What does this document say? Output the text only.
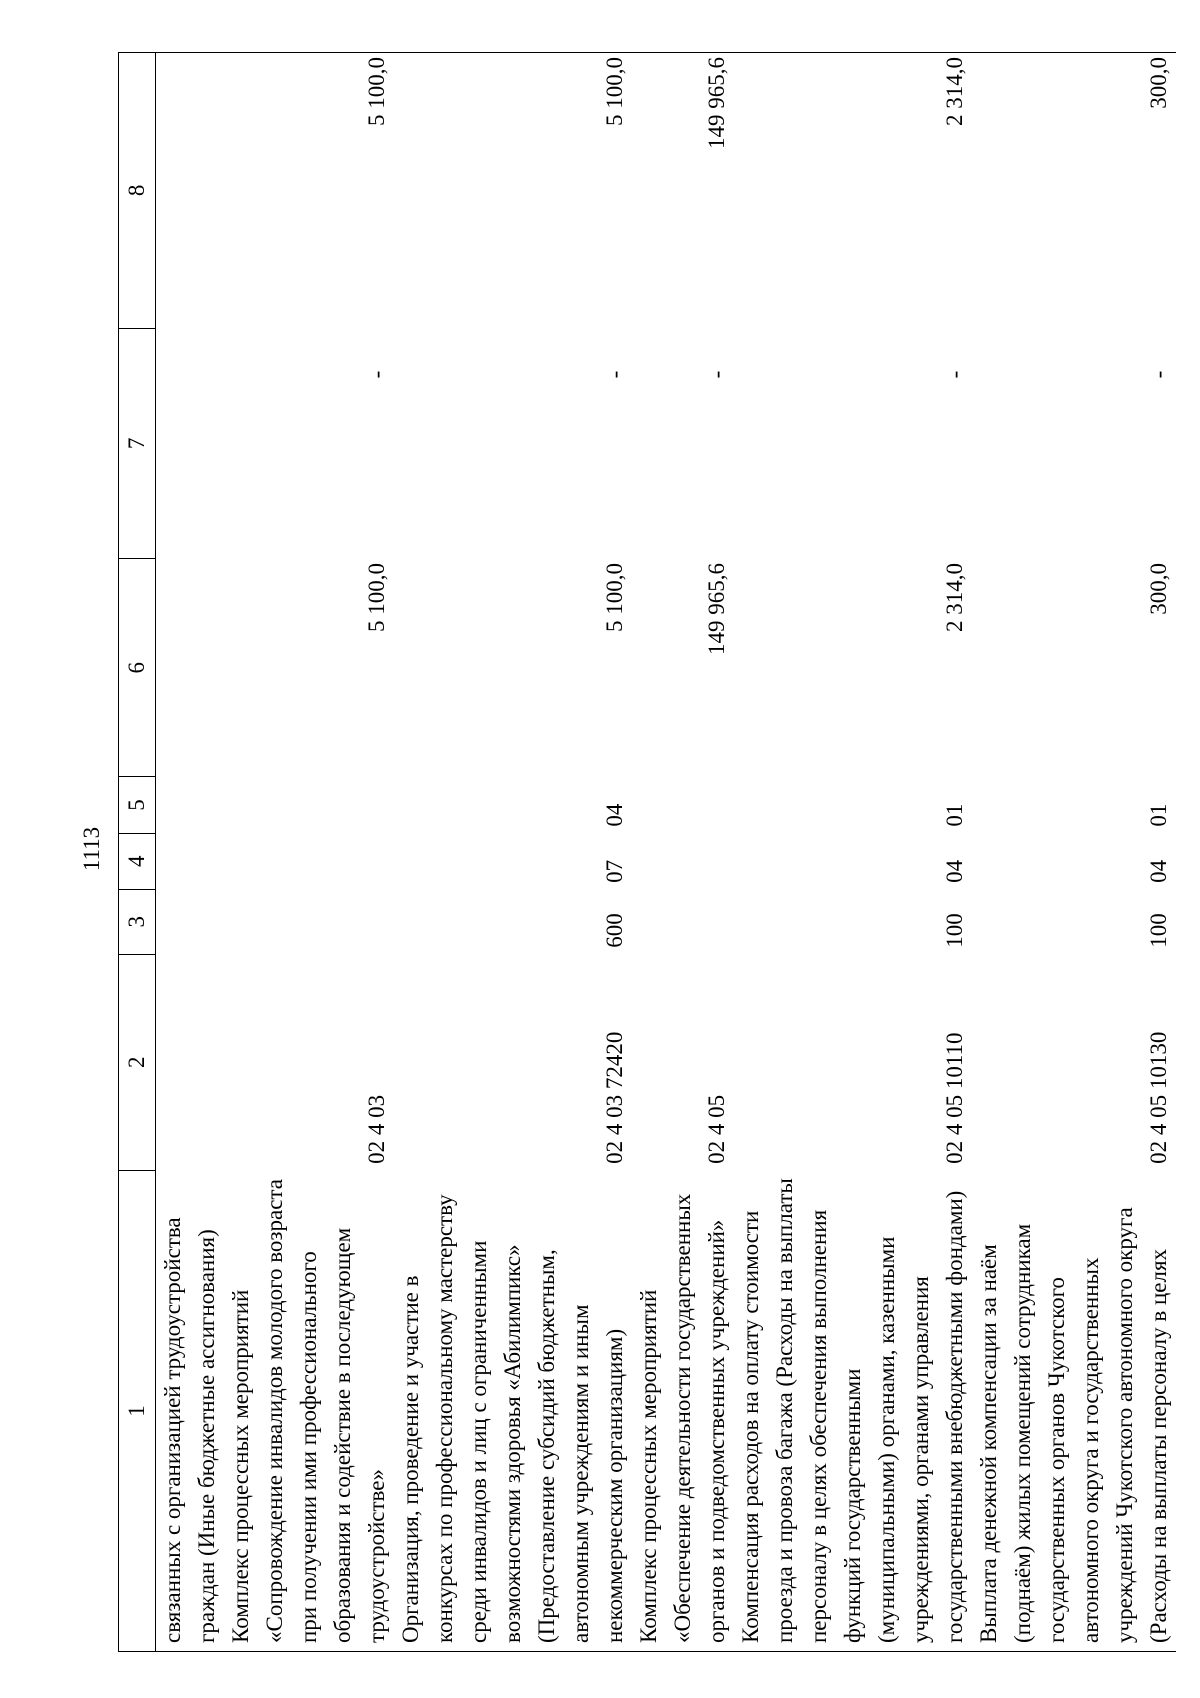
1113
1	2	3	4	5	6	7	8
связанных с организацией трудоустройства граждан (Иные бюджетные ассигнования)							
Комплекс процессных мероприятий «Сопровождение инвалидов молодого возраста при получении ими профессионального образования и содействие в последующем трудоустройстве»	02 4 03				5 100,0	-	5 100,0
Организация, проведение и участие в конкурсах по профессиональному мастерству среди инвалидов и лиц с ограниченными возможностями здоровья «Абилимпикс» (Предоставление субсидий бюджетным, автономным учреждениям и иным некоммерческим организациям)	02 4 03 72420	600	07	04	5 100,0	-	5 100,0
Комплекс процессных мероприятий «Обеспечение деятельности государственных органов и подведомственных учреждений»	02 4 05				149 965,6	-	149 965,6
Компенсация расходов на оплату стоимости проезда и провоза багажа (Расходы на выплаты персоналу в целях обеспечения выполнения функций государственными (муниципальными) органами, казенными учреждениями, органами управления государственными внебюджетными фондами)	02 4 05 10110	100	04	01	2 314,0	-	2 314,0
Выплата денежной компенсации за наём (поднаём) жилых помещений сотрудникам государственных органов Чукотского автономного округа и государственных учреждений Чукотского автономного округа (Расходы на выплаты персоналу в целях	02 4 05 10130	100	04	01	300,0	-	300,0
